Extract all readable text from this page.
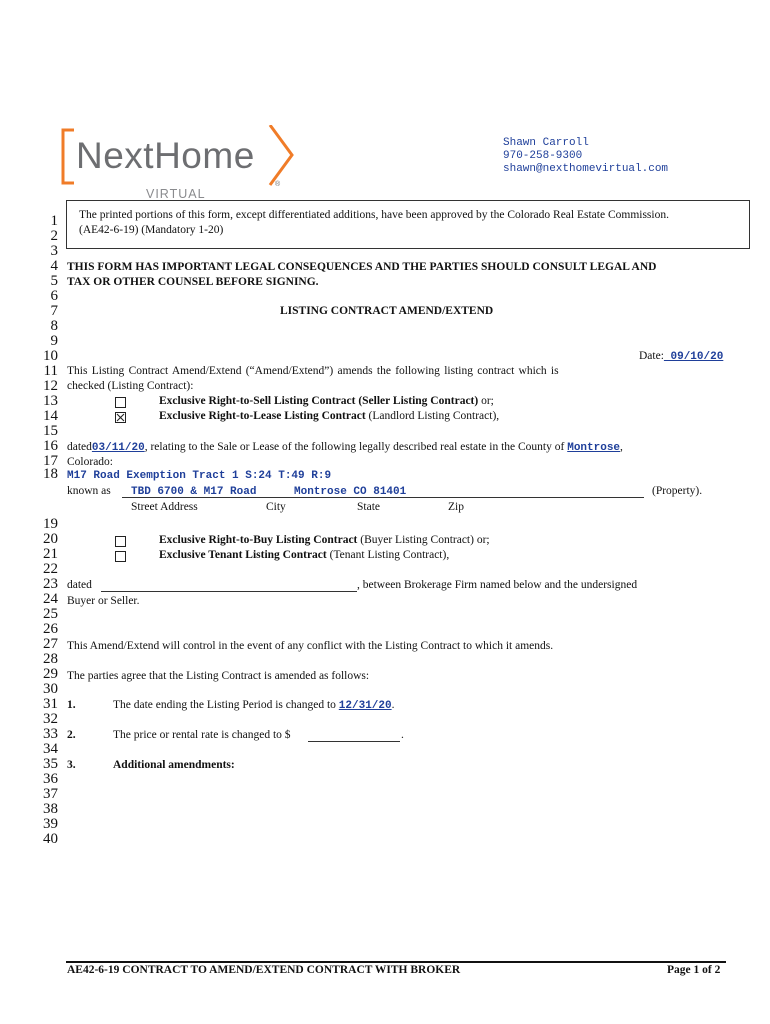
NextHome
VIRTUAL
®
Shawn Carroll
970-258-9300
shawn@nexthomevirtual.com
1
2
3
4
5
6
7
8
9
10
11
12
13
14
15
16
17
18
19
20
21
22
23
24
25
26
27
28
29
30
31
32
33
34
35
36
37
38
39
40
The printed portions of this form, except differentiated additions, have been approved by the Colorado Real Estate Commission.
(AE42-6-19) (Mandatory 1-20)
THIS FORM HAS IMPORTANT LEGAL CONSEQUENCES AND THE PARTIES SHOULD CONSULT LEGAL AND
TAX OR OTHER COUNSEL BEFORE SIGNING.
LISTING CONTRACT AMEND/EXTEND
Date: 09/10/20
This Listing Contract Amend/Extend (“Amend/Extend”) amends the following listing contract which is
checked (Listing Contract):
Exclusive Right-to-Sell Listing Contract (Seller Listing Contract) or;
Exclusive Right-to-Lease Listing Contract (Landlord Listing Contract),
dated03/11/20, relating to the Sale or Lease of the following legally described real estate in the County of Montrose,
Colorado:
M17 Road Exemption Tract 1 S:24 T:49 R:9
known as TBD 6700 & M17 Road	Montrose CO 81401	(Property).
Street Address	City	State	Zip
Exclusive Right-to-Buy Listing Contract (Buyer Listing Contract) or;
Exclusive Tenant Listing Contract (Tenant Listing Contract),
dated	, between Brokerage Firm named below and the undersigned
Buyer or Seller.
This Amend/Extend will control in the event of any conflict with the Listing Contract to which it amends.
The parties agree that the Listing Contract is amended as follows:
1.	The date ending the Listing Period is changed to 12/31/20.
2.	The price or rental rate is changed to $	.
3.	Additional amendments:
AE42-6-19 CONTRACT TO AMEND/EXTEND CONTRACT WITH BROKER	Page 1 of 2
